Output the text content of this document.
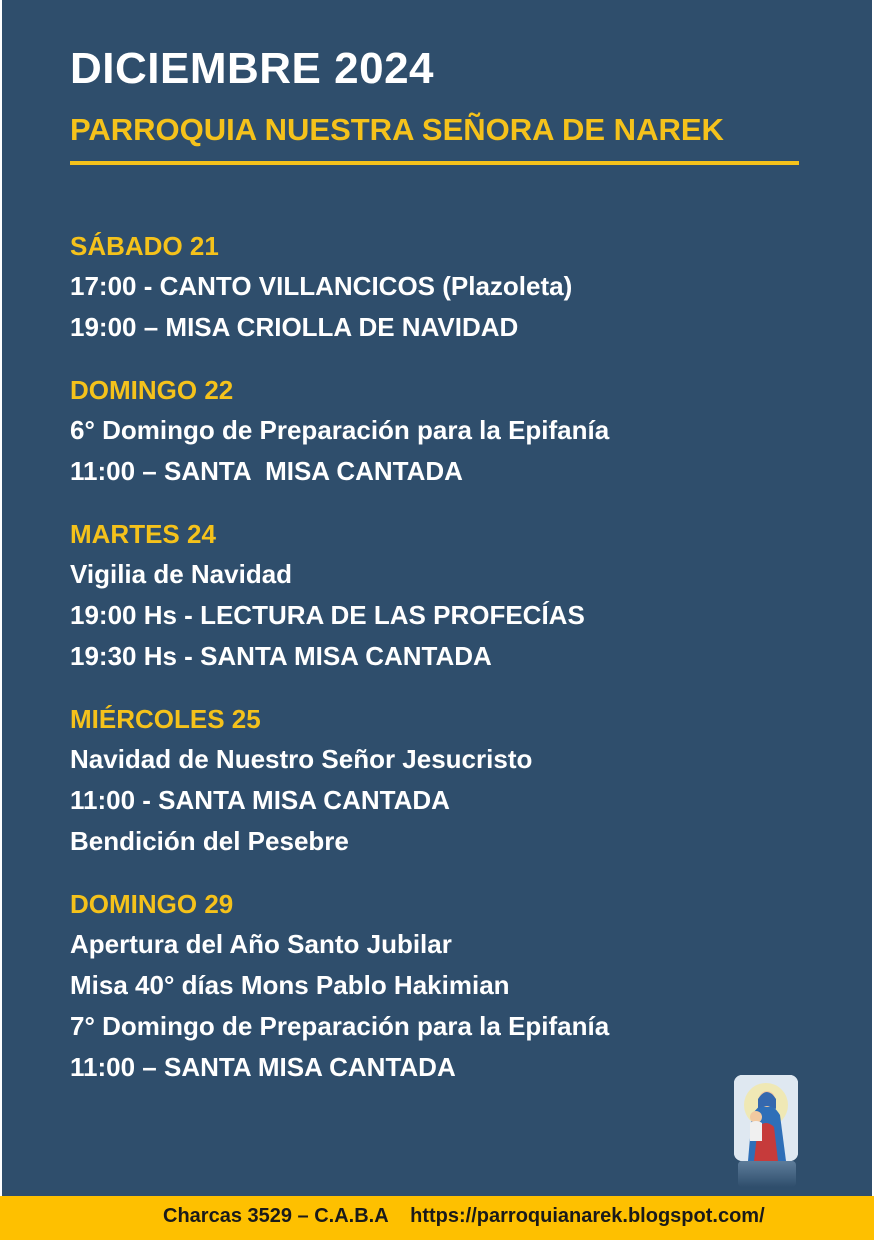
DICIEMBRE 2024
PARROQUIA NUESTRA SEÑORA DE NAREK
SÁBADO 21
17:00 - CANTO VILLANCICOS (Plazoleta)
19:00 – MISA CRIOLLA DE NAVIDAD
DOMINGO 22
6° Domingo de Preparación para la Epifanía
11:00 – SANTA  MISA CANTADA
MARTES 24
Vigilia de Navidad
19:00 Hs - LECTURA DE LAS PROFECÍAS
19:30 Hs - SANTA MISA CANTADA
MIÉRCOLES 25
Navidad de Nuestro Señor Jesucristo
11:00 - SANTA MISA CANTADA
Bendición del Pesebre
DOMINGO 29
Apertura del Año Santo Jubilar
Misa 40° días Mons Pablo Hakimian
7° Domingo de Preparación para la Epifanía
11:00 – SANTA MISA CANTADA
Charcas 3529 – C.A.B.A    https://parroquianarek.blogspot.com/
